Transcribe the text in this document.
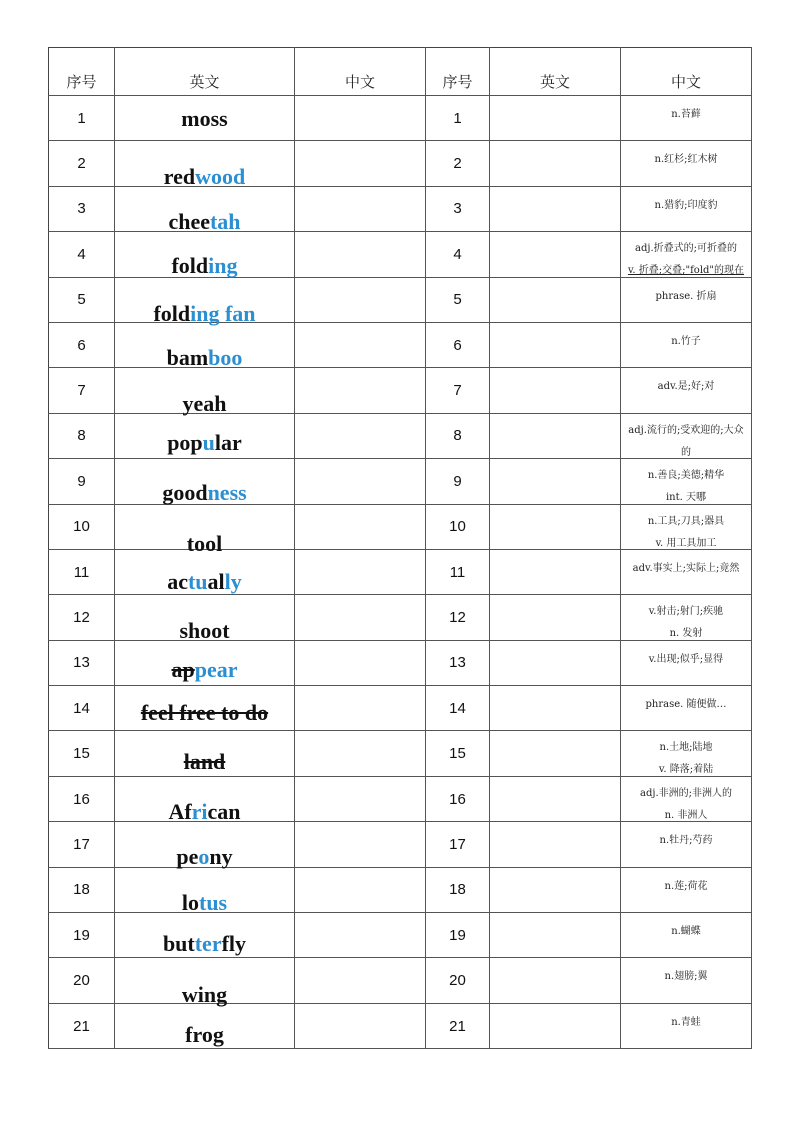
序号	英文	中文	序号	英文	中文
1	moss		1		n.苔藓

2	redwood		2		n.红杉;红木树

3	cheetah		3		n.猎豹;印度豹

4	folding		4		adj.折叠式的;可折叠的
v. 折叠;交叠;"fold"的现在

5	folding fan		5		phrase. 折扇

6	bamboo		6		n.竹子

7	yeah		7		adv.是;好;对

8	popular		8		adj.流行的;受欢迎的;大众
的

9	goodness		9		n.善良;美德;精华
int. 天哪

10	tool		10		n.工具;刀具;器具
v. 用工具加工

11	actually		11		adv.事实上;实际上;竟然

12	shoot		12		v.射击;射门;疾驰
n. 发射

13	appear		13		v.出现;似乎;显得

14	feel free to do		14		phrase. 随便做…

15	land		15		n.土地;陆地
v. 降落;着陆

16	African		16		adj.非洲的;非洲人的
n. 非洲人

17	peony		17		n.牡丹;芍药

18	lotus		18		n.莲;荷花

19	butterfly		19		n.蝴蝶

20	wing		20		n.翅膀;翼

21	frog		21		n.青蛙
